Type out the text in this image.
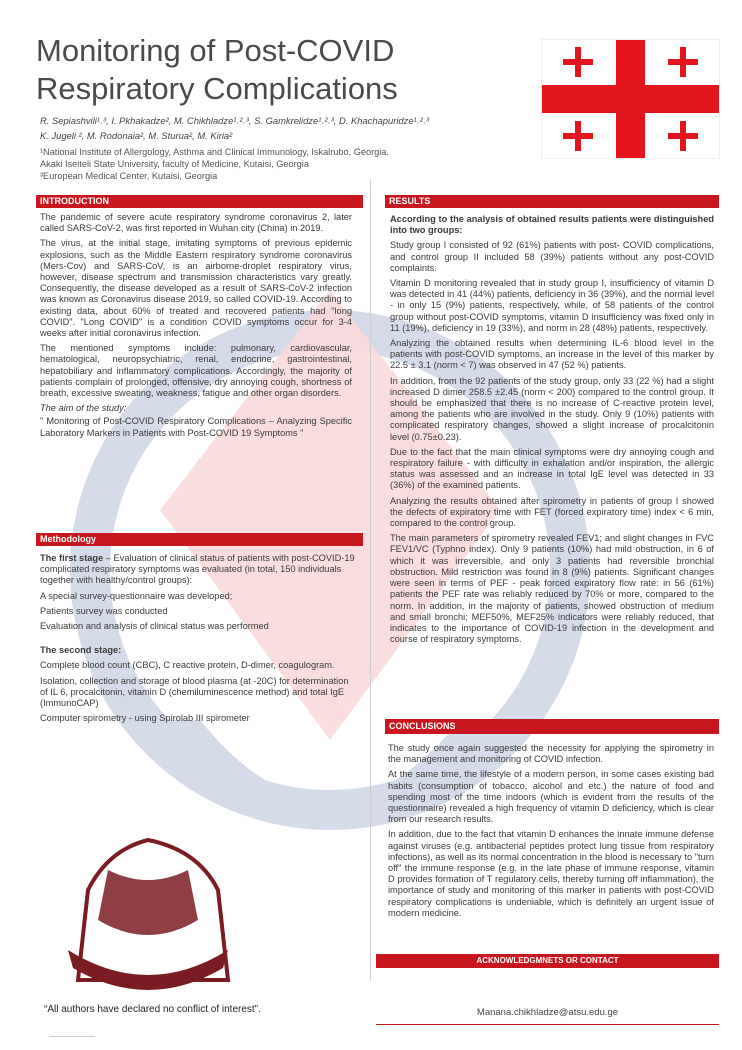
Monitoring of Post-COVID Respiratory Complications
R. Sepiashvili¹˒³, I. Pkhakadze², M. Chikhladze¹˒²˒³, S. Gamkrelidze¹˒²˒³, D. Khachapuridze¹˒²˒³
K. Jugeli ², M. Rodonaia², M. Sturua², M. Kiria²
¹National Institute of Allergology, Asthma and Clinical Immunology, Iskalrubo, Georgia.
Akaki Iseiteli State University, faculty of Medicine, Kutaisi, Georgia
³European Medical Center, Kutaisi, Georgia
INTRODUCTION

The pandemic of severe acute respiratory syndrome coronavirus 2, later called SARS-CoV-2, was first reported in Wuhan city (China) in 2019.

The virus, at the initial stage, imitating symptoms of previous epidemic explosions, such as the Middle Eastern respiratory syndrome coronavirus (Mers-Cov) and SARS-CoV, is an airborne-droplet respiratory virus, however, disease spectrum and transmission characteristics vary greatly. Consequently, the disease developed as a result of SARS-CoV-2 infection was known as Coronavirus disease 2019, so called COVID-19. According to existing data, about 60% of treated and recovered patients had "long COVID". "Long COVID" is a condition COVID symptoms occur for 3-4 weeks after initial coronavirus infection.

The mentioned symptoms include: pulmonary, cardiovascular, hematological, neuropsychiatric, renal, endocrine, gastrointestinal, hepatobiliary and inflammatory complications. Accordingly, the majority of patients complain of prolonged, offensive, dry annoying cough, shortness of breath, excessive sweating, weakness, fatigue and other organ disorders.

The aim of the study:

" Monitoring of Post-COVID Respiratory Complications – Analyzing Specific Laboratory Markers in Patients with Post-COVID 19 Symptoms "

Methodology

The first stage – Evaluation of clinical status of patients with post-COVID-19 complicated respiratory symptoms was evaluated (in total, 150 individuals together with healthy/control groups):

A special survey-questionnaire was developed;

Patients survey was conducted

Evaluation and analysis of clinical status was performed

The second stage:

Complete blood count (CBC), C reactive protein, D-dimer, coagulogram.

Isolation, collection and storage of blood plasma (at -20C) for determination of IL 6, procalcitonin, vitamin D (chemiluminescence method) and total IgE (ImmunoCAP)

Computer spirometry - using Spirolab III spirometer

“All authors have declared no conflict of interest”.
RESULTS

According to the analysis of obtained results patients were distinguished into two groups:

Study group I consisted of 92 (61%) patients with post- COVID complications, and control group II included 58 (39%) patients without any post-COVID complaints.

Vitamin D monitoring revealed that in study group I, insufficiency of vitamin D was detected in 41 (44%) patients, deficiency in 36 (39%), and the normal level - in only 15 (9%) patients, respectively, while, of 58 patients of the control group without post-COVID symptoms, vitamin D insufficiency was fixed only in 11 (19%), deficiency in 19 (33%), and norm in 28 (48%) patients, respectively.

Analyzing the obtained results when determining IL-6 blood level in the patients with post-COVID symptoms, an increase in the level of this marker by 22.5 ± 3.1 (norm < 7) was observed in 47 (52 %) patients.

In addition, from the 92 patients of the study group, only 33 (22 %) had a slight increased D dimer 258.5 ±2.45 (norm < 200) compared to the control group. It should be emphasized that there is no increase of C-reactive protein level, among the patients who are involved in the study. Only 9 (10%) patients with complicated respiratory changes, showed a slight increase of procalcitonin level (0.75±0.23).

Due to the fact that the main clinical symptoms were dry annoying cough and respiratory failure - with difficulty in exhalation and/or inspiration, the allergic status was assessed and an increase in total IgE level was detected in 33 (36%) of the examined patients.

Analyzing the results obtained after spirometry in patients of group I showed the defects of expiratory time with FET (forced expiratory time) index < 6 min, compared to the control group.

The main parameters of spirometry revealed FEV1; and slight changes in FVC FEV1/VC (Typhno index). Only 9 patients (10%) had mild obstruction, in 6 of which it was irreversible, and only 3 patients had reversible bronchial obstruction. Mild restriction was found in 8 (9%) patients. Significant changes were seen in terms of PEF - peak forced expiratory flow rate: in 56 (61%) patients the PEF rate was reliably reduced by 70% or more, compared to the norm. In addition, in the majority of patients, showed obstruction of medium and small bronchi; MEF50%, MEF25% indicators were reliably reduced, that indicates to the importance of COVID-19 infection in the development and course of respiratory symptoms.

CONCLUSIONS

The study once again suggested the necessity for applying the spirometry in the management and monitoring of COVID infection.

At the same time, the lifestyle of a modern person, in some cases existing bad habits (consumption of tobacco, alcohol and etc.) the nature of food and spending most of the time indoors (which is evident from the results of the questionnaire) revealed a high frequency of vitamin D deficiency, which is clear from our research results.

In addition, due to the fact that vitamin D enhances the innate immune defense against viruses (e.g. antibacterial peptides protect lung tissue from respiratory infections), as well as its normal concentration in the blood is necessary to "turn off" the immune response (e.g. in the late phase of immune response, vitamin D provides formation of T regulatory cells, thereby turning off inflammation), the importance of study and monitoring of this marker in patients with post-COVID respiratory complications is undeniable, which is definitely an urgent issue of modern medicine.

ACKNOWLEDGMNETS OR CONTACT
Manana.chikhladze@atsu.edu.ge
